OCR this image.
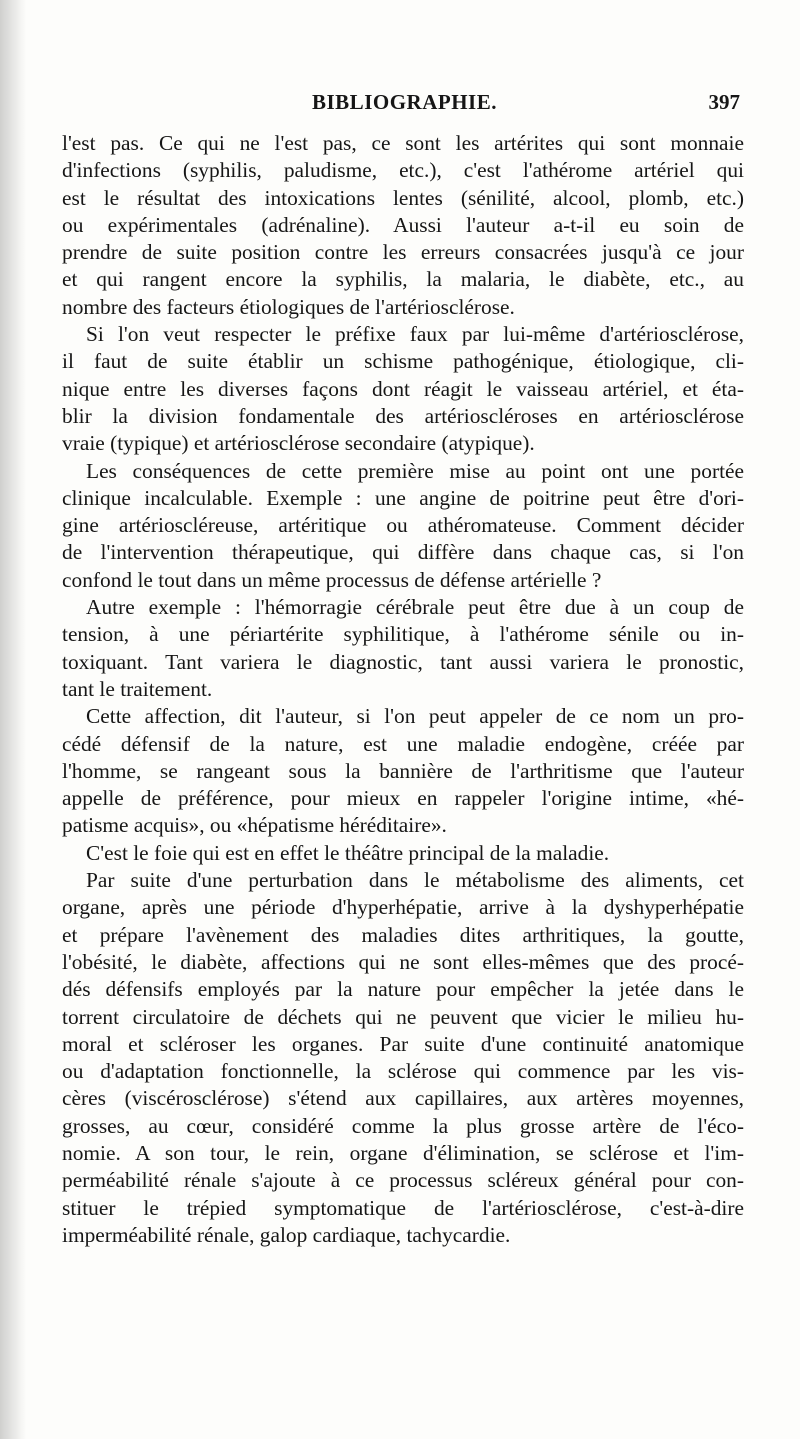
BIBLIOGRAPHIE.	397
l'est pas. Ce qui ne l'est pas, ce sont les artérites qui sont monnaie
d'infections (syphilis, paludisme, etc.), c'est l'athérome artériel qui
est le résultat des intoxications lentes (sénilité, alcool, plomb, etc.)
ou expérimentales (adrénaline). Aussi l'auteur a-t-il eu soin de
prendre de suite position contre les erreurs consacrées jusqu'à ce jour
et qui rangent encore la syphilis, la malaria, le diabète, etc., au
nombre des facteurs étiologiques de l'artériosclérose.
Si l'on veut respecter le préfixe faux par lui-même d'artériosclérose,
il faut de suite établir un schisme pathogénique, étiologique, cli-
nique entre les diverses façons dont réagit le vaisseau artériel, et éta-
blir la division fondamentale des artérioscléroses en artériosclérose
vraie (typique) et artériosclérose secondaire (atypique).
Les conséquences de cette première mise au point ont une portée
clinique incalculable. Exemple : une angine de poitrine peut être d'ori-
gine artérioscléreuse, artéritique ou athéromateuse. Comment décider
de l'intervention thérapeutique, qui diffère dans chaque cas, si l'on
confond le tout dans un même processus de défense artérielle ?
Autre exemple : l'hémorragie cérébrale peut être due à un coup de
tension, à une périartérite syphilitique, à l'athérome sénile ou in-
toxiquant. Tant variera le diagnostic, tant aussi variera le pronostic,
tant le traitement.
Cette affection, dit l'auteur, si l'on peut appeler de ce nom un pro-
cédé défensif de la nature, est une maladie endogène, créée par
l'homme, se rangeant sous la bannière de l'arthritisme que l'auteur
appelle de préférence, pour mieux en rappeler l'origine intime, «hé-
patisme acquis», ou «hépatisme héréditaire».
C'est le foie qui est en effet le théâtre principal de la maladie.
Par suite d'une perturbation dans le métabolisme des aliments, cet
organe, après une période d'hyperhépatie, arrive à la dyshyperhépatie
et prépare l'avènement des maladies dites arthritiques, la goutte,
l'obésité, le diabète, affections qui ne sont elles-mêmes que des procé-
dés défensifs employés par la nature pour empêcher la jetée dans le
torrent circulatoire de déchets qui ne peuvent que vicier le milieu hu-
moral et scléroser les organes. Par suite d'une continuité anatomique
ou d'adaptation fonctionnelle, la sclérose qui commence par les vis-
cères (viscérosclérose) s'étend aux capillaires, aux artères moyennes,
grosses, au cœur, considéré comme la plus grosse artère de l'éco-
nomie. A son tour, le rein, organe d'élimination, se sclérose et l'im-
perméabilité rénale s'ajoute à ce processus scléreux général pour con-
stituer le trépied symptomatique de l'artériosclérose, c'est-à-dire
imperméabilité rénale, galop cardiaque, tachycardie.
